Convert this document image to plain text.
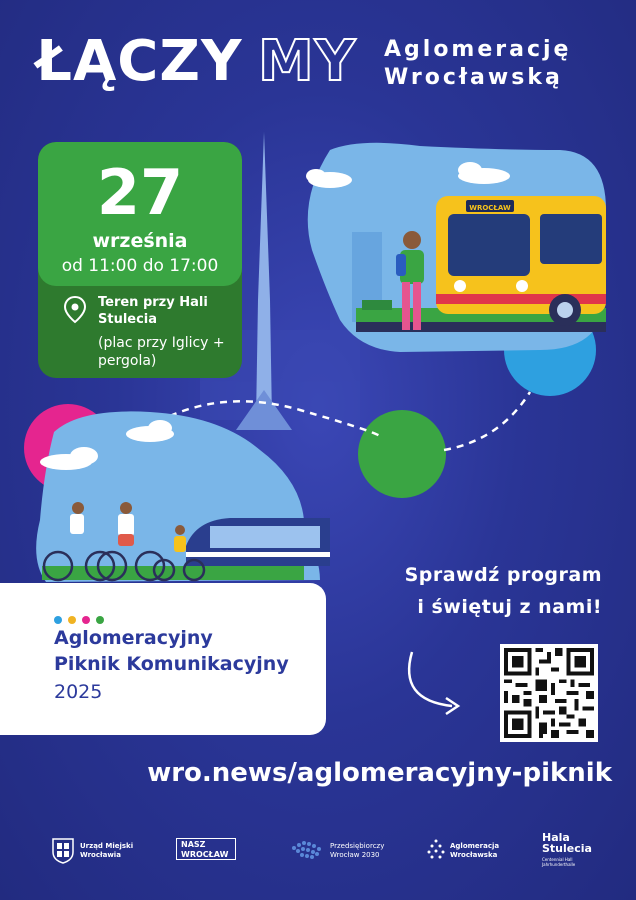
WROCŁAW
ŁĄCZY MY Aglomerację
Wrocławską
27
września
od 11:00 do 17:00
Teren przy Hali Stulecia
(plac przy Iglicy + pergola)
Sprawdź program
i świętuj z nami!
Aglomeracyjny
Piknik Komunikacyjny
2025
wro.news/aglomeracyjny-piknik
Urząd Miejski
Wrocławia
NASZ
WROCŁAW
Przedsiębiorczy
Wrocław 2030
Aglomeracja
Wrocławska
Hala
Stulecia
Centennial Hall
Jahrhunderthalle
